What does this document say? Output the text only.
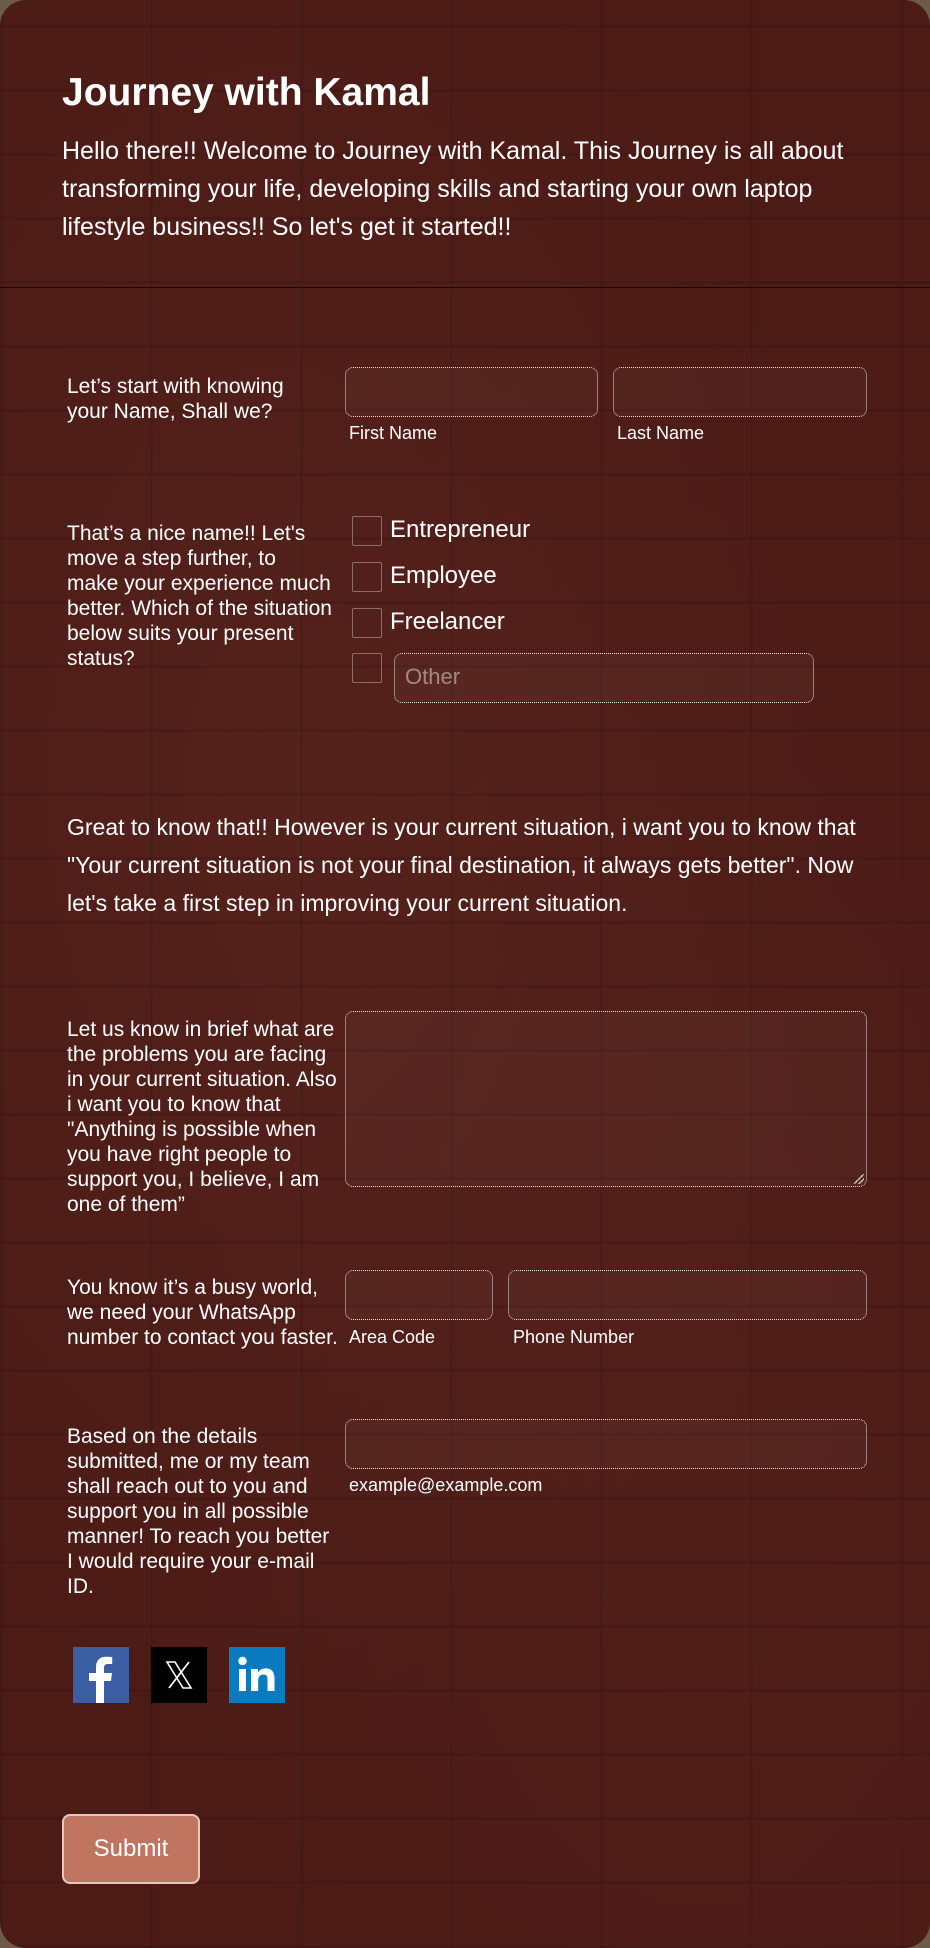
Journey with Kamal
Hello there!! Welcome to Journey with Kamal. This Journey is all about transforming your life, developing skills and starting your own laptop lifestyle business!! So let's get it started!!
Let’s start with knowing your Name, Shall we?
First Name	Last Name
That’s a nice name!! Let's move a step further, to make your experience much better. Which of the situation below suits your present status?
Entrepreneur
Employee
Freelancer
Other
Great to know that!! However is your current situation, i want you to know that "Your current situation is not your final destination, it always gets better". Now let's take a first step in improving your current situation.
Let us know in brief what are the problems you are facing in your current situation. Also i want you to know that "Anything is possible when you have right people to support you, I believe, I am one of them”
You know it’s a busy world, we need your WhatsApp number to contact you faster. Area Code	Phone Number
Based on the details submitted, me or my team shall reach out to you and support you in all possible manner! To reach you better I would require your e-mail ID.
example@example.com
Submit
